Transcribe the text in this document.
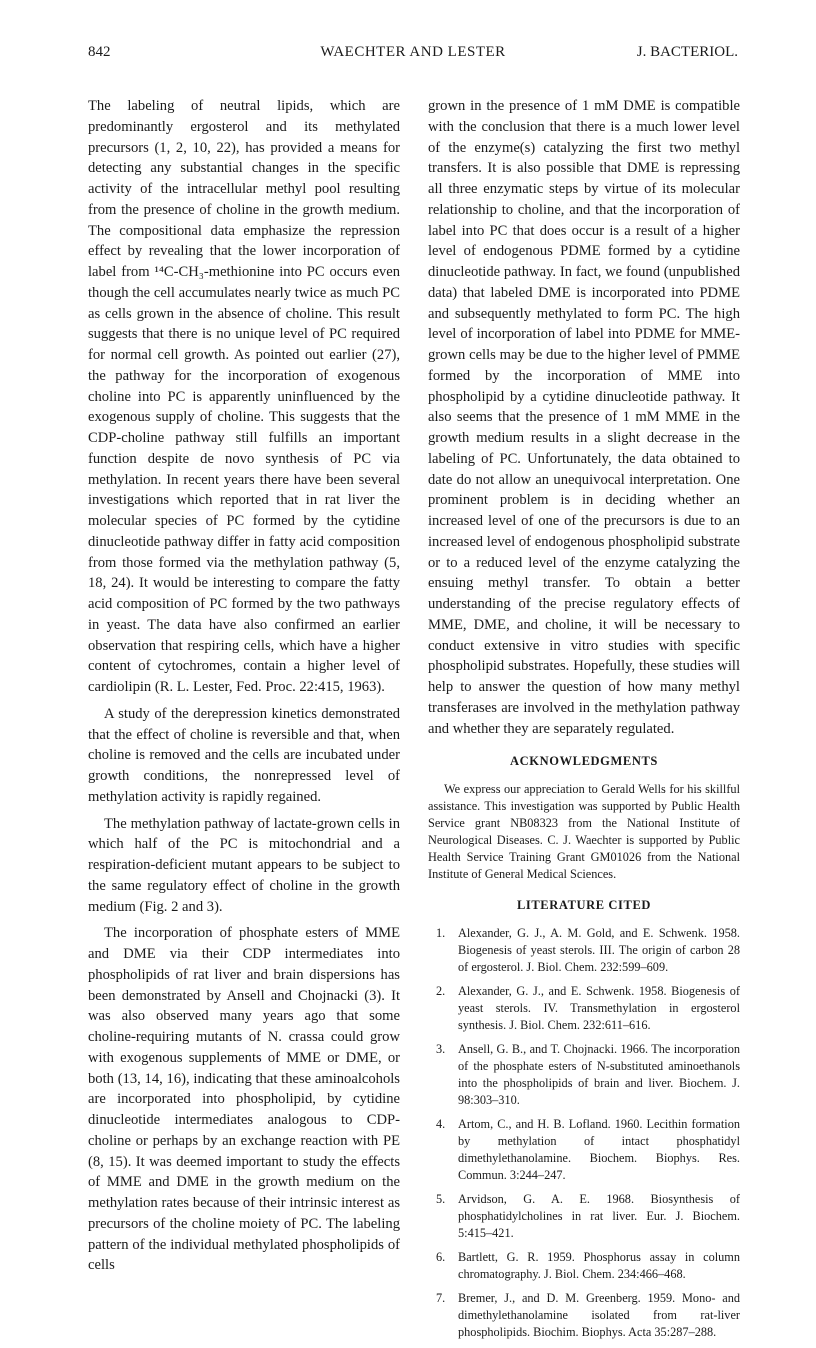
842	WAECHTER AND LESTER	J. BACTERIOL.

The labeling of neutral lipids, which are predominantly ergosterol and its methylated precursors (1, 2, 10, 22), has provided a means for detecting any substantial changes in the specific activity of the intracellular methyl pool resulting from the presence of choline in the growth medium. The compositional data emphasize the repression effect by revealing that the lower incorporation of label from ¹⁴C-CH₃-methionine into PC occurs even though the cell accumulates nearly twice as much PC as cells grown in the absence of choline. This result suggests that there is no unique level of PC required for normal cell growth. As pointed out earlier (27), the pathway for the incorporation of exogenous choline into PC is apparently uninfluenced by the exogenous supply of choline. This suggests that the CDP-choline pathway still fulfills an important function despite de novo synthesis of PC via methylation. In recent years there have been several investigations which reported that in rat liver the molecular species of PC formed by the cytidine dinucleotide pathway differ in fatty acid composition from those formed via the methylation pathway (5, 18, 24). It would be interesting to compare the fatty acid composition of PC formed by the two pathways in yeast. The data have also confirmed an earlier observation that respiring cells, which have a higher content of cytochromes, contain a higher level of cardiolipin (R. L. Lester, Fed. Proc. 22:415, 1963).

A study of the derepression kinetics demonstrated that the effect of choline is reversible and that, when choline is removed and the cells are incubated under growth conditions, the nonrepressed level of methylation activity is rapidly regained.

The methylation pathway of lactate-grown cells in which half of the PC is mitochondrial and a respiration-deficient mutant appears to be subject to the same regulatory effect of choline in the growth medium (Fig. 2 and 3).

The incorporation of phosphate esters of MME and DME via their CDP intermediates into phospholipids of rat liver and brain dispersions has been demonstrated by Ansell and Chojnacki (3). It was also observed many years ago that some choline-requiring mutants of N. crassa could grow with exogenous supplements of MME or DME, or both (13, 14, 16), indicating that these aminoalcohols are incorporated into phospholipid, by cytidine dinucleotide intermediates analogous to CDP-choline or perhaps by an exchange reaction with PE (8, 15). It was deemed important to study the effects of MME and DME in the growth medium on the methylation rates because of their intrinsic interest as precursors of the choline moiety of PC. The labeling pattern of the individual methylated phospholipids of cells

grown in the presence of 1 mM DME is compatible with the conclusion that there is a much lower level of the enzyme(s) catalyzing the first two methyl transfers. It is also possible that DME is repressing all three enzymatic steps by virtue of its molecular relationship to choline, and that the incorporation of label into PC that does occur is a result of a higher level of endogenous PDME formed by a cytidine dinucleotide pathway. In fact, we found (unpublished data) that labeled DME is incorporated into PDME and subsequently methylated to form PC. The high level of incorporation of label into PDME for MME-grown cells may be due to the higher level of PMME formed by the incorporation of MME into phospholipid by a cytidine dinucleotide pathway. It also seems that the presence of 1 mM MME in the growth medium results in a slight decrease in the labeling of PC. Unfortunately, the data obtained to date do not allow an unequivocal interpretation. One prominent problem is in deciding whether an increased level of one of the precursors is due to an increased level of endogenous phospholipid substrate or to a reduced level of the enzyme catalyzing the ensuing methyl transfer. To obtain a better understanding of the precise regulatory effects of MME, DME, and choline, it will be necessary to conduct extensive in vitro studies with specific phospholipid substrates. Hopefully, these studies will help to answer the question of how many methyl transferases are involved in the methylation pathway and whether they are separately regulated.

ACKNOWLEDGMENTS

We express our appreciation to Gerald Wells for his skillful assistance. This investigation was supported by Public Health Service grant NB08323 from the National Institute of Neurological Diseases. C. J. Waechter is supported by Public Health Service Training Grant GM01026 from the National Institute of General Medical Sciences.

LITERATURE CITED
1. Alexander, G. J., A. M. Gold, and E. Schwenk. 1958. Biogenesis of yeast sterols. III. The origin of carbon 28 of ergosterol. J. Biol. Chem. 232:599–609.
2. Alexander, G. J., and E. Schwenk. 1958. Biogenesis of yeast sterols. IV. Transmethylation in ergosterol synthesis. J. Biol. Chem. 232:611–616.
3. Ansell, G. B., and T. Chojnacki. 1966. The incorporation of the phosphate esters of N-substituted aminoethanols into the phospholipids of brain and liver. Biochem. J. 98:303–310.
4. Artom, C., and H. B. Lofland. 1960. Lecithin formation by methylation of intact phosphatidyl dimethylethanolamine. Biochem. Biophys. Res. Commun. 3:244–247.
5. Arvidson, G. A. E. 1968. Biosynthesis of phosphatidylcholines in rat liver. Eur. J. Biochem. 5:415–421.
6. Bartlett, G. R. 1959. Phosphorus assay in column chromatography. J. Biol. Chem. 234:466–468.
7. Bremer, J., and D. M. Greenberg. 1959. Mono- and dimethylethanolamine isolated from rat-liver phospholipids. Biochim. Biophys. Acta 35:287–288.
